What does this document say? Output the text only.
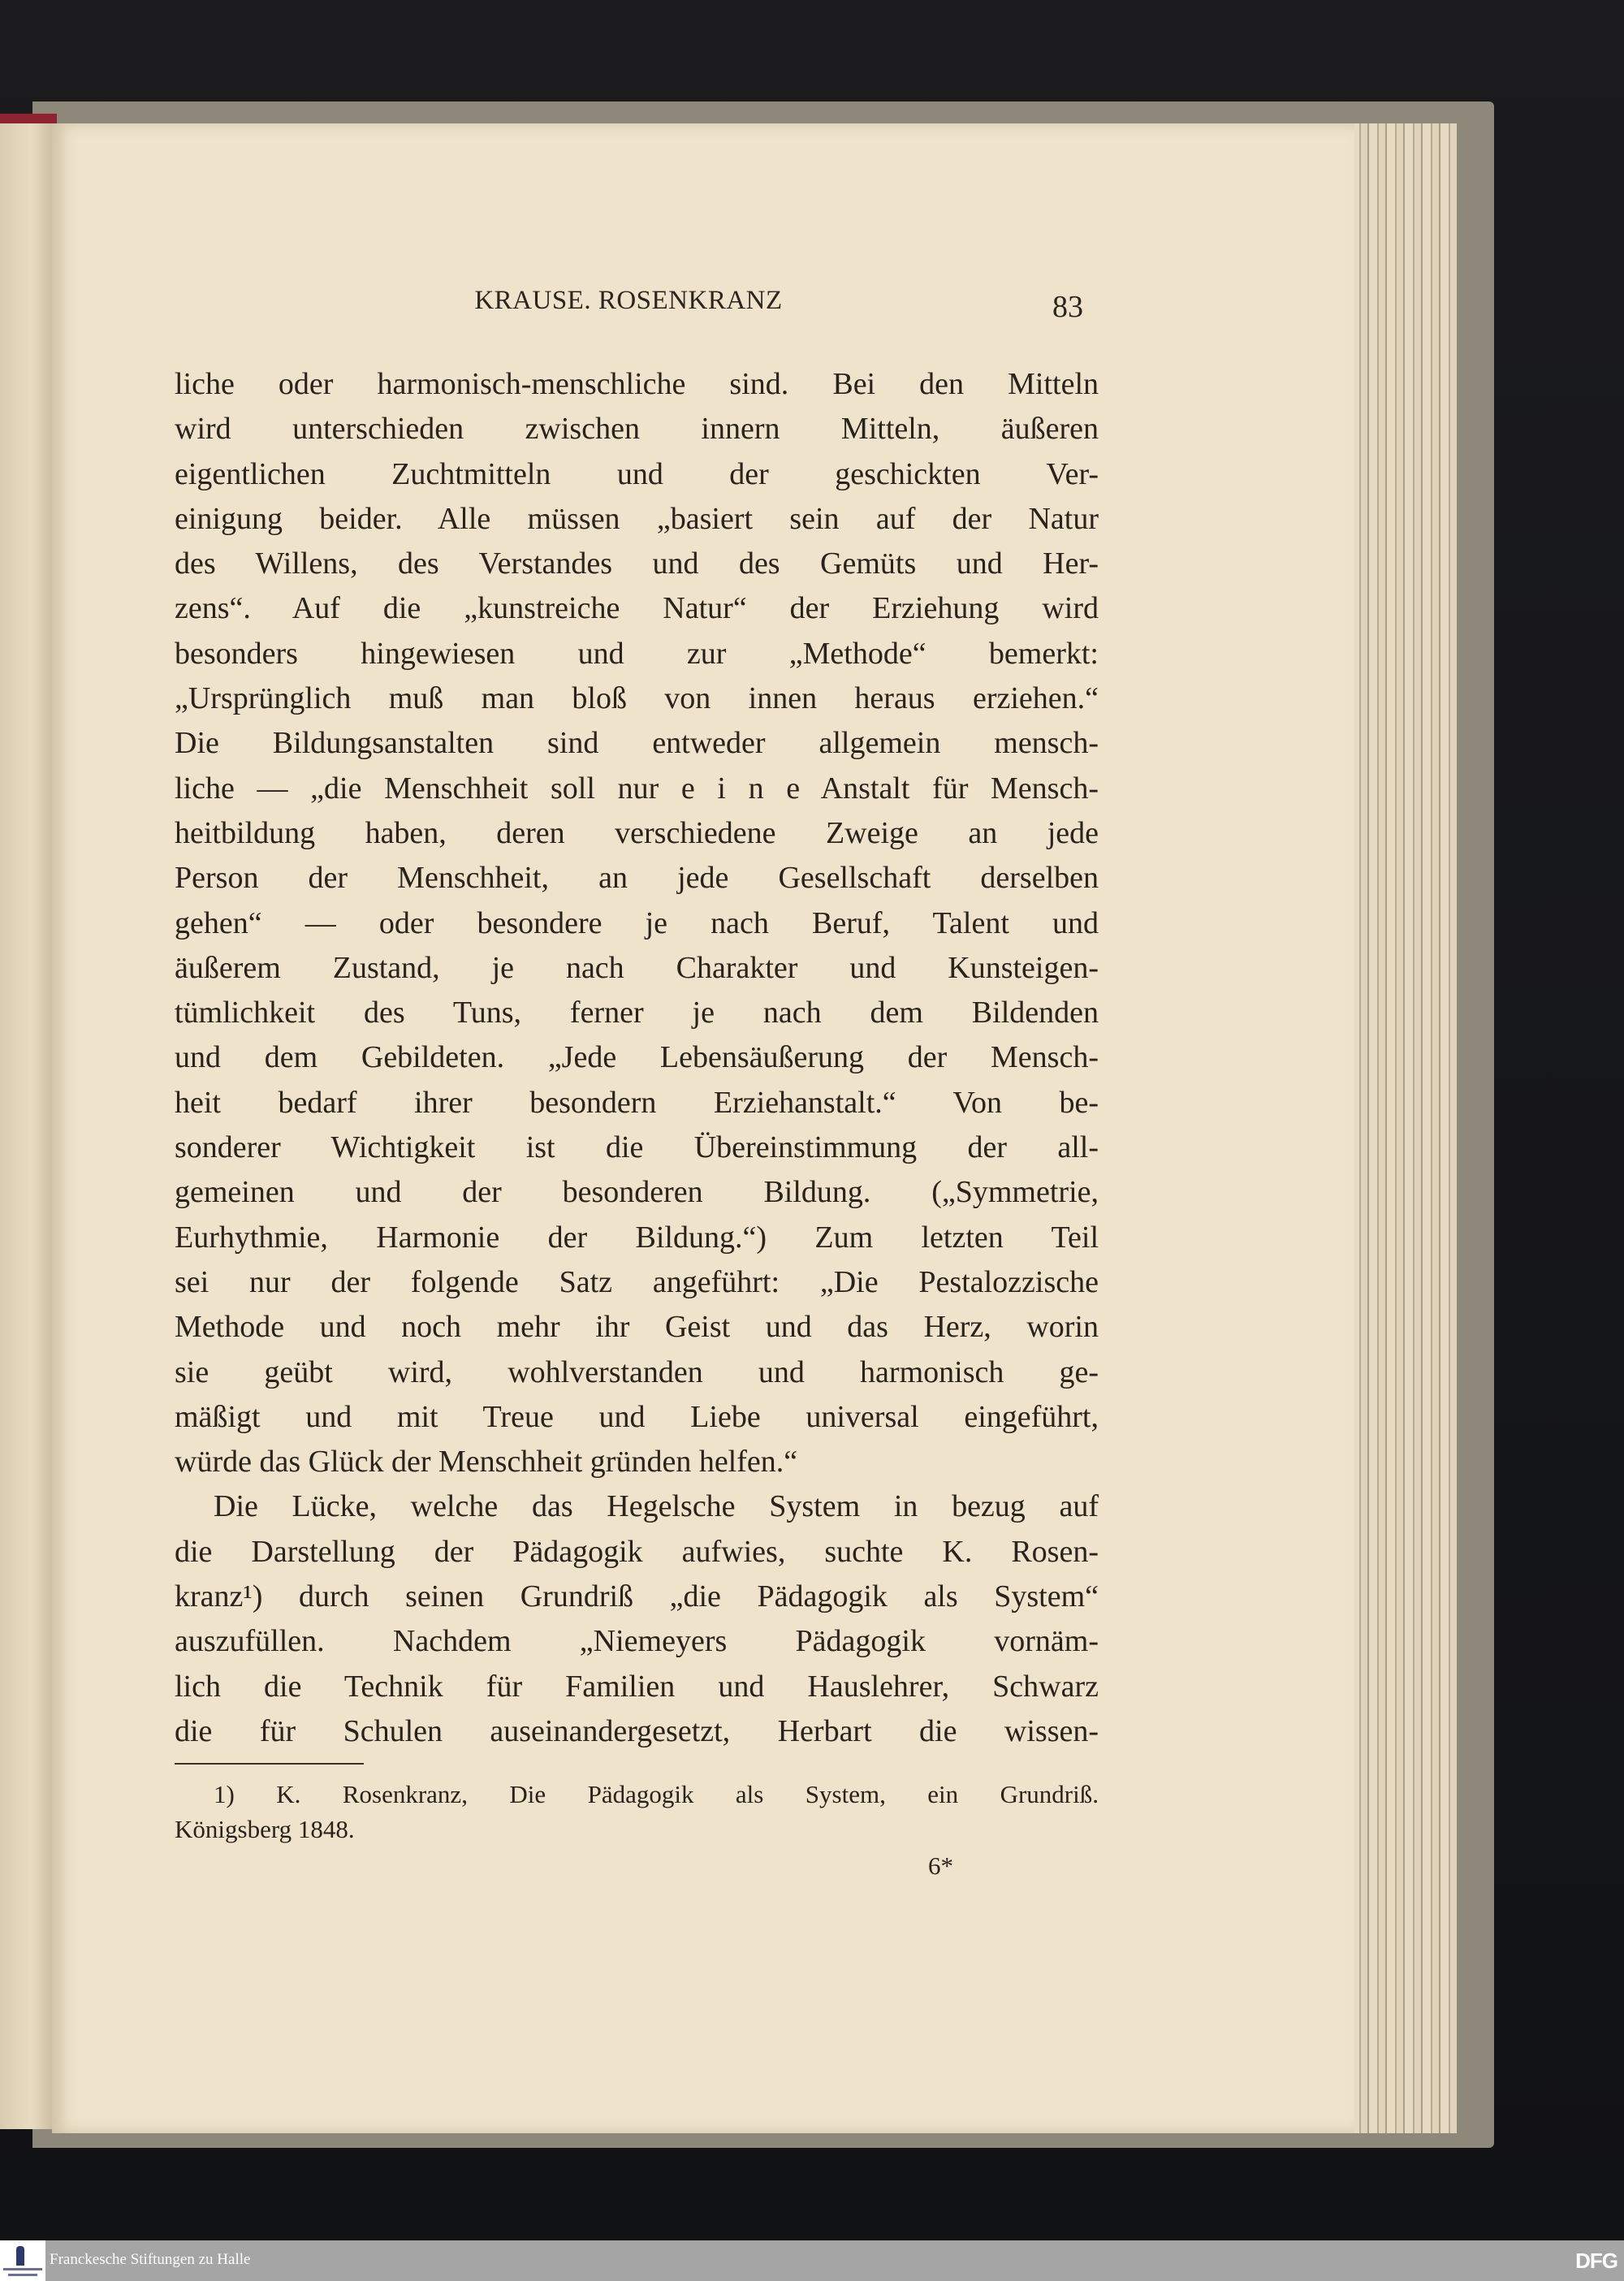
KRAUSE. ROSENKRANZ	83
liche oder harmonisch-menschliche sind. Bei den Mitteln
wird unterschieden zwischen innern Mitteln, äußeren
eigentlichen Zuchtmitteln und der geschickten Ver-
einigung beider. Alle müssen „basiert sein auf der Natur
des Willens, des Verstandes und des Gemüts und Her-
zens“. Auf die „kunstreiche Natur“ der Erziehung wird
besonders hingewiesen und zur „Methode“ bemerkt:
„Ursprünglich muß man bloß von innen heraus erziehen.“
Die Bildungsanstalten sind entweder allgemein mensch-
liche — „die Menschheit soll nur e i n e Anstalt für Mensch-
heitbildung haben, deren verschiedene Zweige an jede
Person der Menschheit, an jede Gesellschaft derselben
gehen“ — oder besondere je nach Beruf, Talent und
äußerem Zustand, je nach Charakter und Kunsteigen-
tümlichkeit des Tuns, ferner je nach dem Bildenden
und dem Gebildeten. „Jede Lebensäußerung der Mensch-
heit bedarf ihrer besondern Erziehanstalt.“ Von be-
sonderer Wichtigkeit ist die Übereinstimmung der all-
gemeinen und der besonderen Bildung. („Symmetrie,
Eurhythmie, Harmonie der Bildung.“) Zum letzten Teil
sei nur der folgende Satz angeführt: „Die Pestalozzische
Methode und noch mehr ihr Geist und das Herz, worin
sie geübt wird, wohlverstanden und harmonisch ge-
mäßigt und mit Treue und Liebe universal eingeführt,
würde das Glück der Menschheit gründen helfen.“
Die Lücke, welche das Hegelsche System in bezug auf
die Darstellung der Pädagogik aufwies, suchte K. Rosen-
kranz¹) durch seinen Grundriß „die Pädagogik als System“
auszufüllen. Nachdem „Niemeyers Pädagogik vornäm-
lich die Technik für Familien und Hauslehrer, Schwarz
die für Schulen auseinandergesetzt, Herbart die wissen-
1) K. Rosenkranz, Die Pädagogik als System, ein Grundriß.
Königsberg 1848.
6*
Franckesche Stiftungen zu Halle	DFG
